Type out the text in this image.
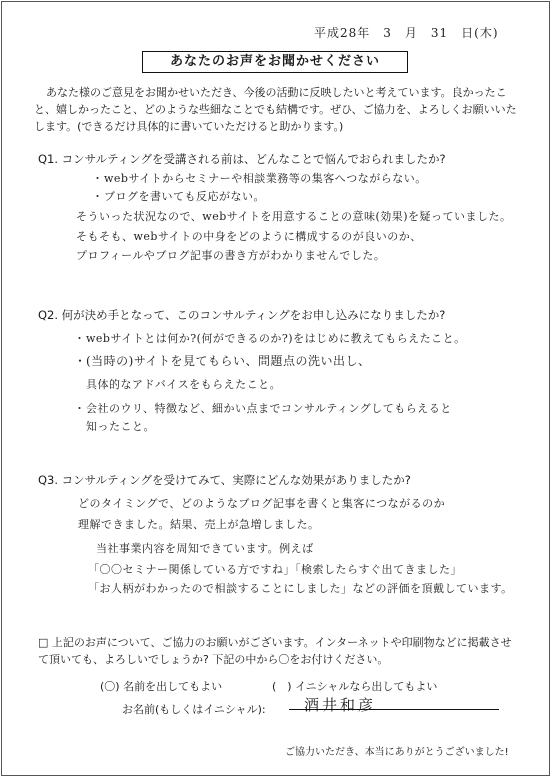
平成28年　3　月　31　日(木)
あなたのお声をお聞かせください
あなた様のご意見をお聞かせいただき、今後の活動に反映したいと考えています。良かったこと、嬉しかったこと、どのような些細なことでも結構です。ぜひ、ご協力を、よろしくお願いいたします。(できるだけ具体的に書いていただけると助かります。)
Q1. コンサルティングを受講される前は、どんなことで悩んでおられましたか?
・webサイトからセミナーや相談業務等の集客へつながらない。
・ブログを書いても反応がない。
そういった状況なので、webサイトを用意することの意味(効果)を疑っていました。
そもそも、webサイトの中身をどのように構成するのが良いのか、
プロフィールやブログ記事の書き方がわかりませんでした。
Q2. 何が決め手となって、このコンサルティングをお申し込みになりましたか?
・webサイトとは何か?(何ができるのか?)をはじめに教えてもらえたこと。
・(当時の)サイトを見てもらい、問題点の洗い出し、
具体的なアドバイスをもらえたこと。
・会社のウリ、特徴など、細かい点までコンサルティングしてもらえると
知ったこと。
Q3. コンサルティングを受けてみて、実際にどんな効果がありましたか?
どのタイミングで、どのようなブログ記事を書くと集客につながるのか
理解できました。結果、売上が急増しました。
当社事業内容を周知できています。例えば
「〇〇セミナー関係している方ですね」「検索したらすぐ出てきました」
「お人柄がわかったので相談することにしました」などの評価を頂戴しています。
□ 上記のお声について、ご協力のお願いがございます。インターネットや印刷物などに掲載させて頂いても、よろしいでしょうか? 下記の中から〇をお付けください。
(〇) 名前を出してもよい	(　) イニシャルなら出してもよい
お名前(もしくはイニシャル):	酒井和彦
ご協力いただき、本当にありがとうございました!
